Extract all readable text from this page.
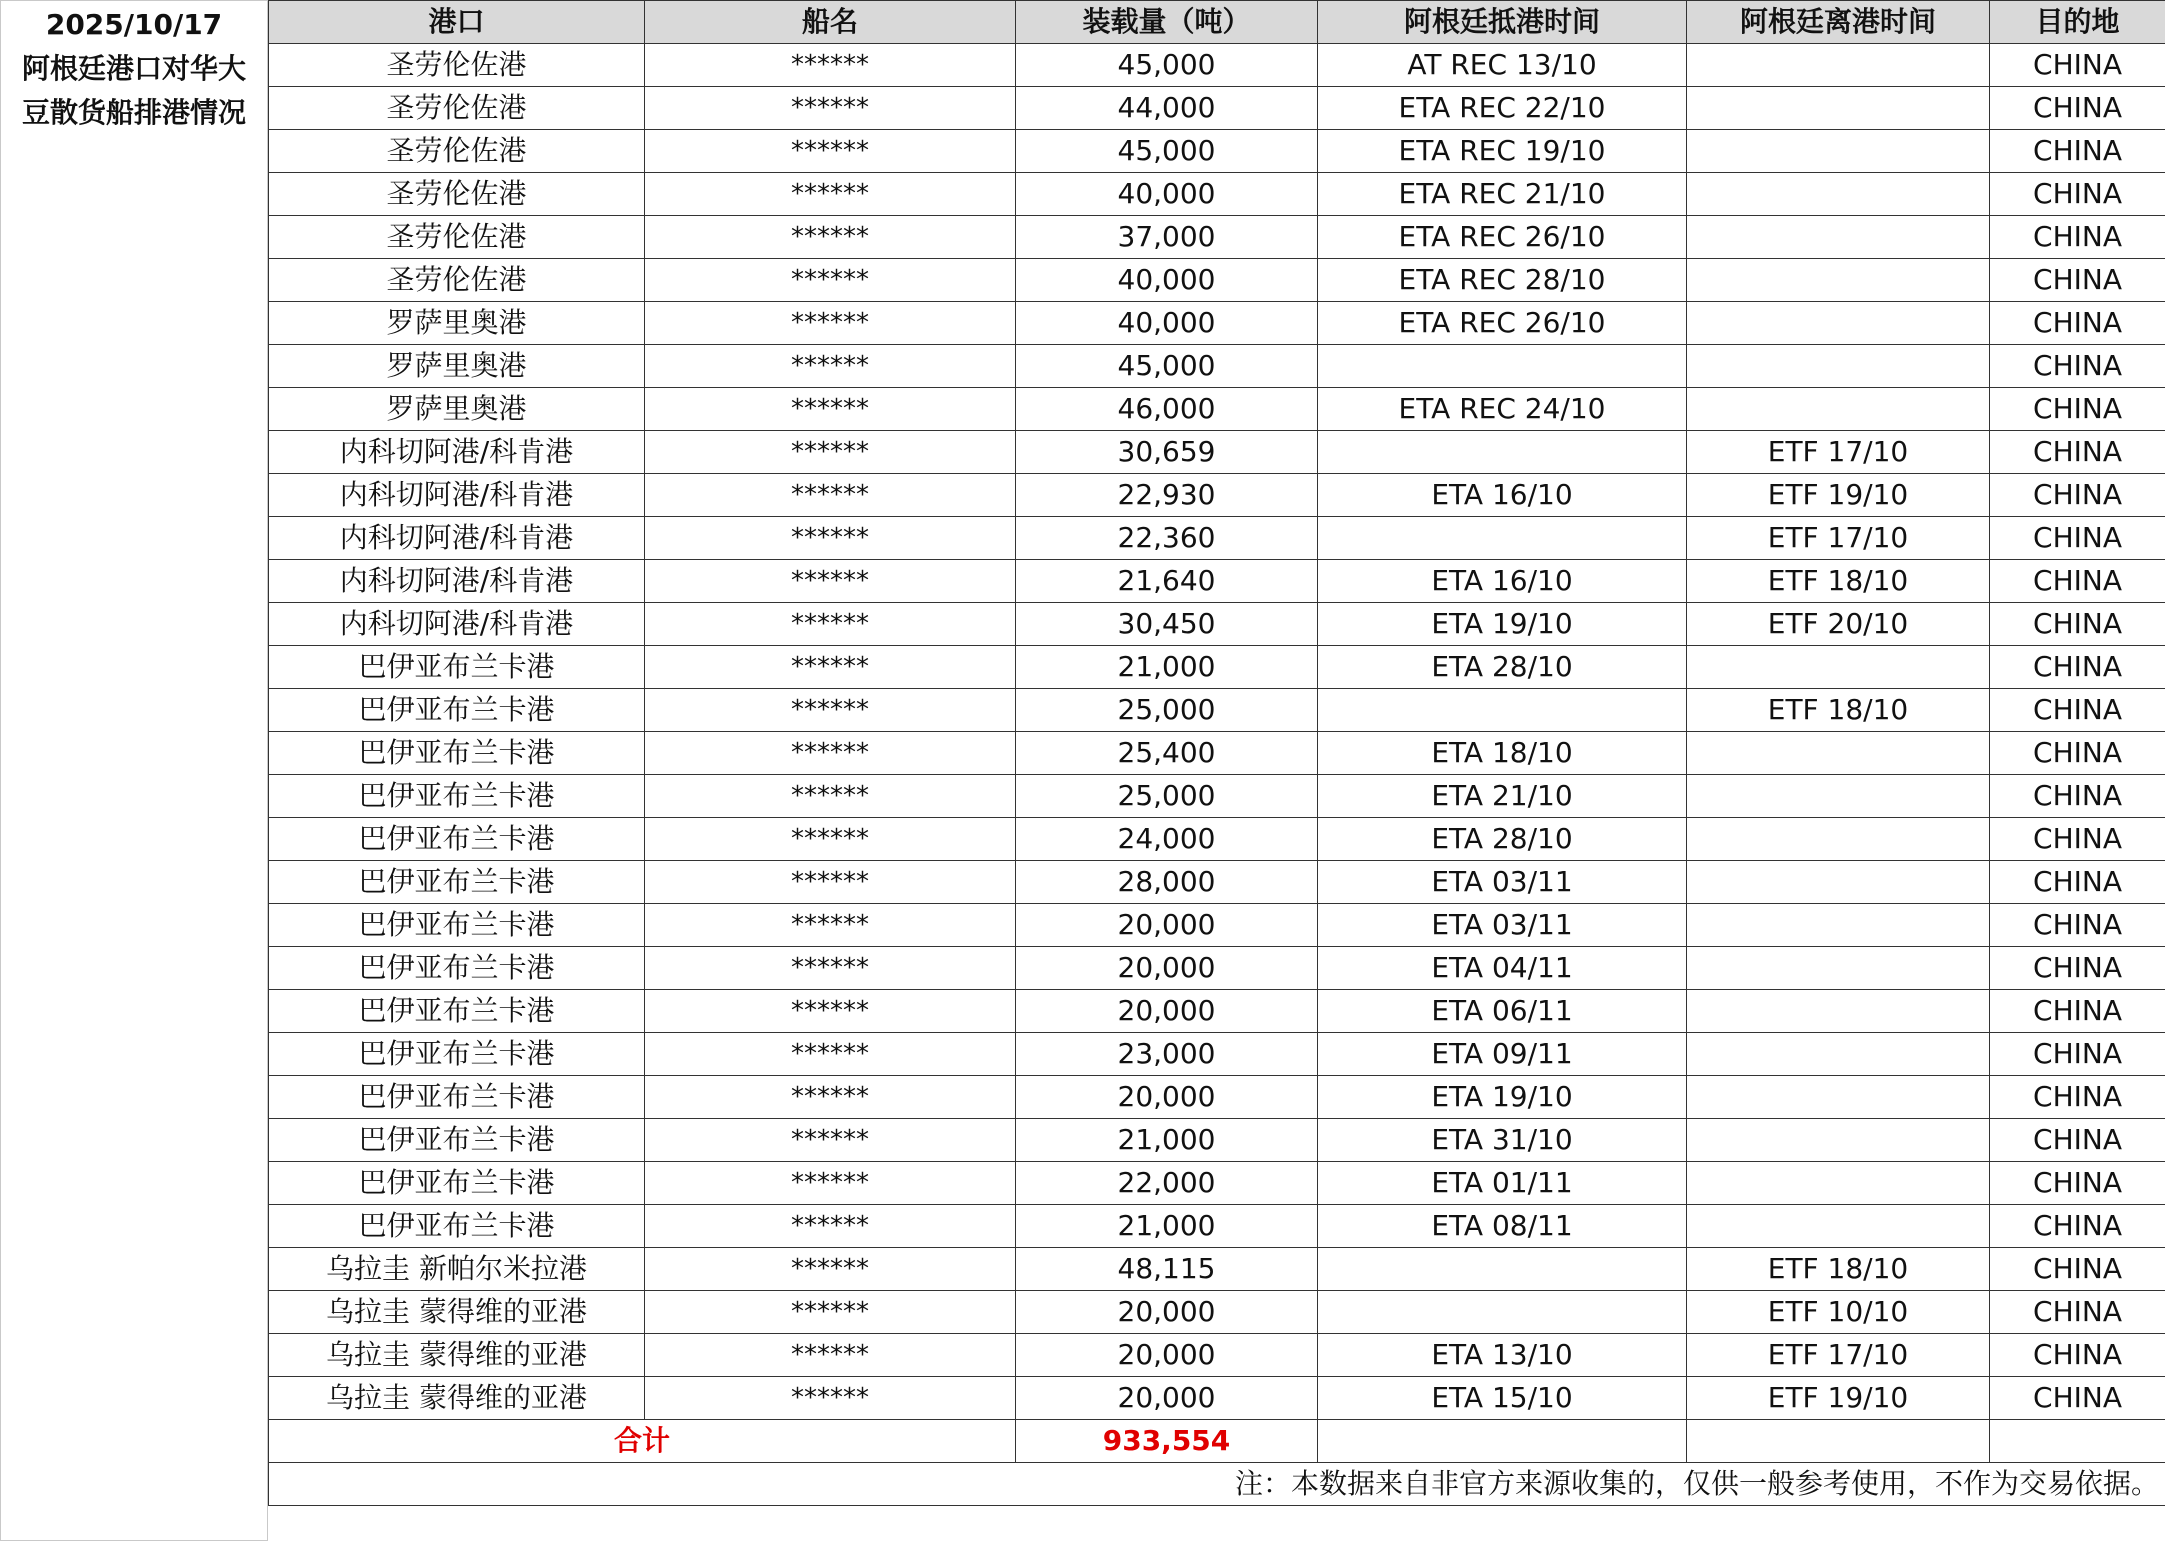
2025/10/17
阿根廷港口对华大
豆散货船排港情况
港口	船名	装载量（吨）	阿根廷抵港时间	阿根廷离港时间	目的地
圣劳伦佐港	******	45,000	AT REC 13/10		CHINA
圣劳伦佐港	******	44,000	ETA REC 22/10		CHINA
圣劳伦佐港	******	45,000	ETA REC 19/10		CHINA
圣劳伦佐港	******	40,000	ETA REC 21/10		CHINA
圣劳伦佐港	******	37,000	ETA REC 26/10		CHINA
圣劳伦佐港	******	40,000	ETA REC 28/10		CHINA
罗萨里奥港	******	40,000	ETA REC 26/10		CHINA
罗萨里奥港	******	45,000			CHINA
罗萨里奥港	******	46,000	ETA REC 24/10		CHINA
内科切阿港/科肯港	******	30,659		ETF 17/10	CHINA
内科切阿港/科肯港	******	22,930	ETA 16/10	ETF 19/10	CHINA
内科切阿港/科肯港	******	22,360		ETF 17/10	CHINA
内科切阿港/科肯港	******	21,640	ETA 16/10	ETF 18/10	CHINA
内科切阿港/科肯港	******	30,450	ETA 19/10	ETF 20/10	CHINA
巴伊亚布兰卡港	******	21,000	ETA 28/10		CHINA
巴伊亚布兰卡港	******	25,000		ETF 18/10	CHINA
巴伊亚布兰卡港	******	25,400	ETA 18/10		CHINA
巴伊亚布兰卡港	******	25,000	ETA 21/10		CHINA
巴伊亚布兰卡港	******	24,000	ETA 28/10		CHINA
巴伊亚布兰卡港	******	28,000	ETA 03/11		CHINA
巴伊亚布兰卡港	******	20,000	ETA 03/11		CHINA
巴伊亚布兰卡港	******	20,000	ETA 04/11		CHINA
巴伊亚布兰卡港	******	20,000	ETA 06/11		CHINA
巴伊亚布兰卡港	******	23,000	ETA 09/11		CHINA
巴伊亚布兰卡港	******	20,000	ETA 19/10		CHINA
巴伊亚布兰卡港	******	21,000	ETA 31/10		CHINA
巴伊亚布兰卡港	******	22,000	ETA 01/11		CHINA
巴伊亚布兰卡港	******	21,000	ETA 08/11		CHINA
乌拉圭 新帕尔米拉港	******	48,115		ETF 18/10	CHINA
乌拉圭 蒙得维的亚港	******	20,000		ETF 10/10	CHINA
乌拉圭 蒙得维的亚港	******	20,000	ETA 13/10	ETF 17/10	CHINA
乌拉圭 蒙得维的亚港	******	20,000	ETA 15/10	ETF 19/10	CHINA
合计		933,554			
注：本数据来自非官方来源收集的，仅供一般参考使用，不作为交易依据。					
